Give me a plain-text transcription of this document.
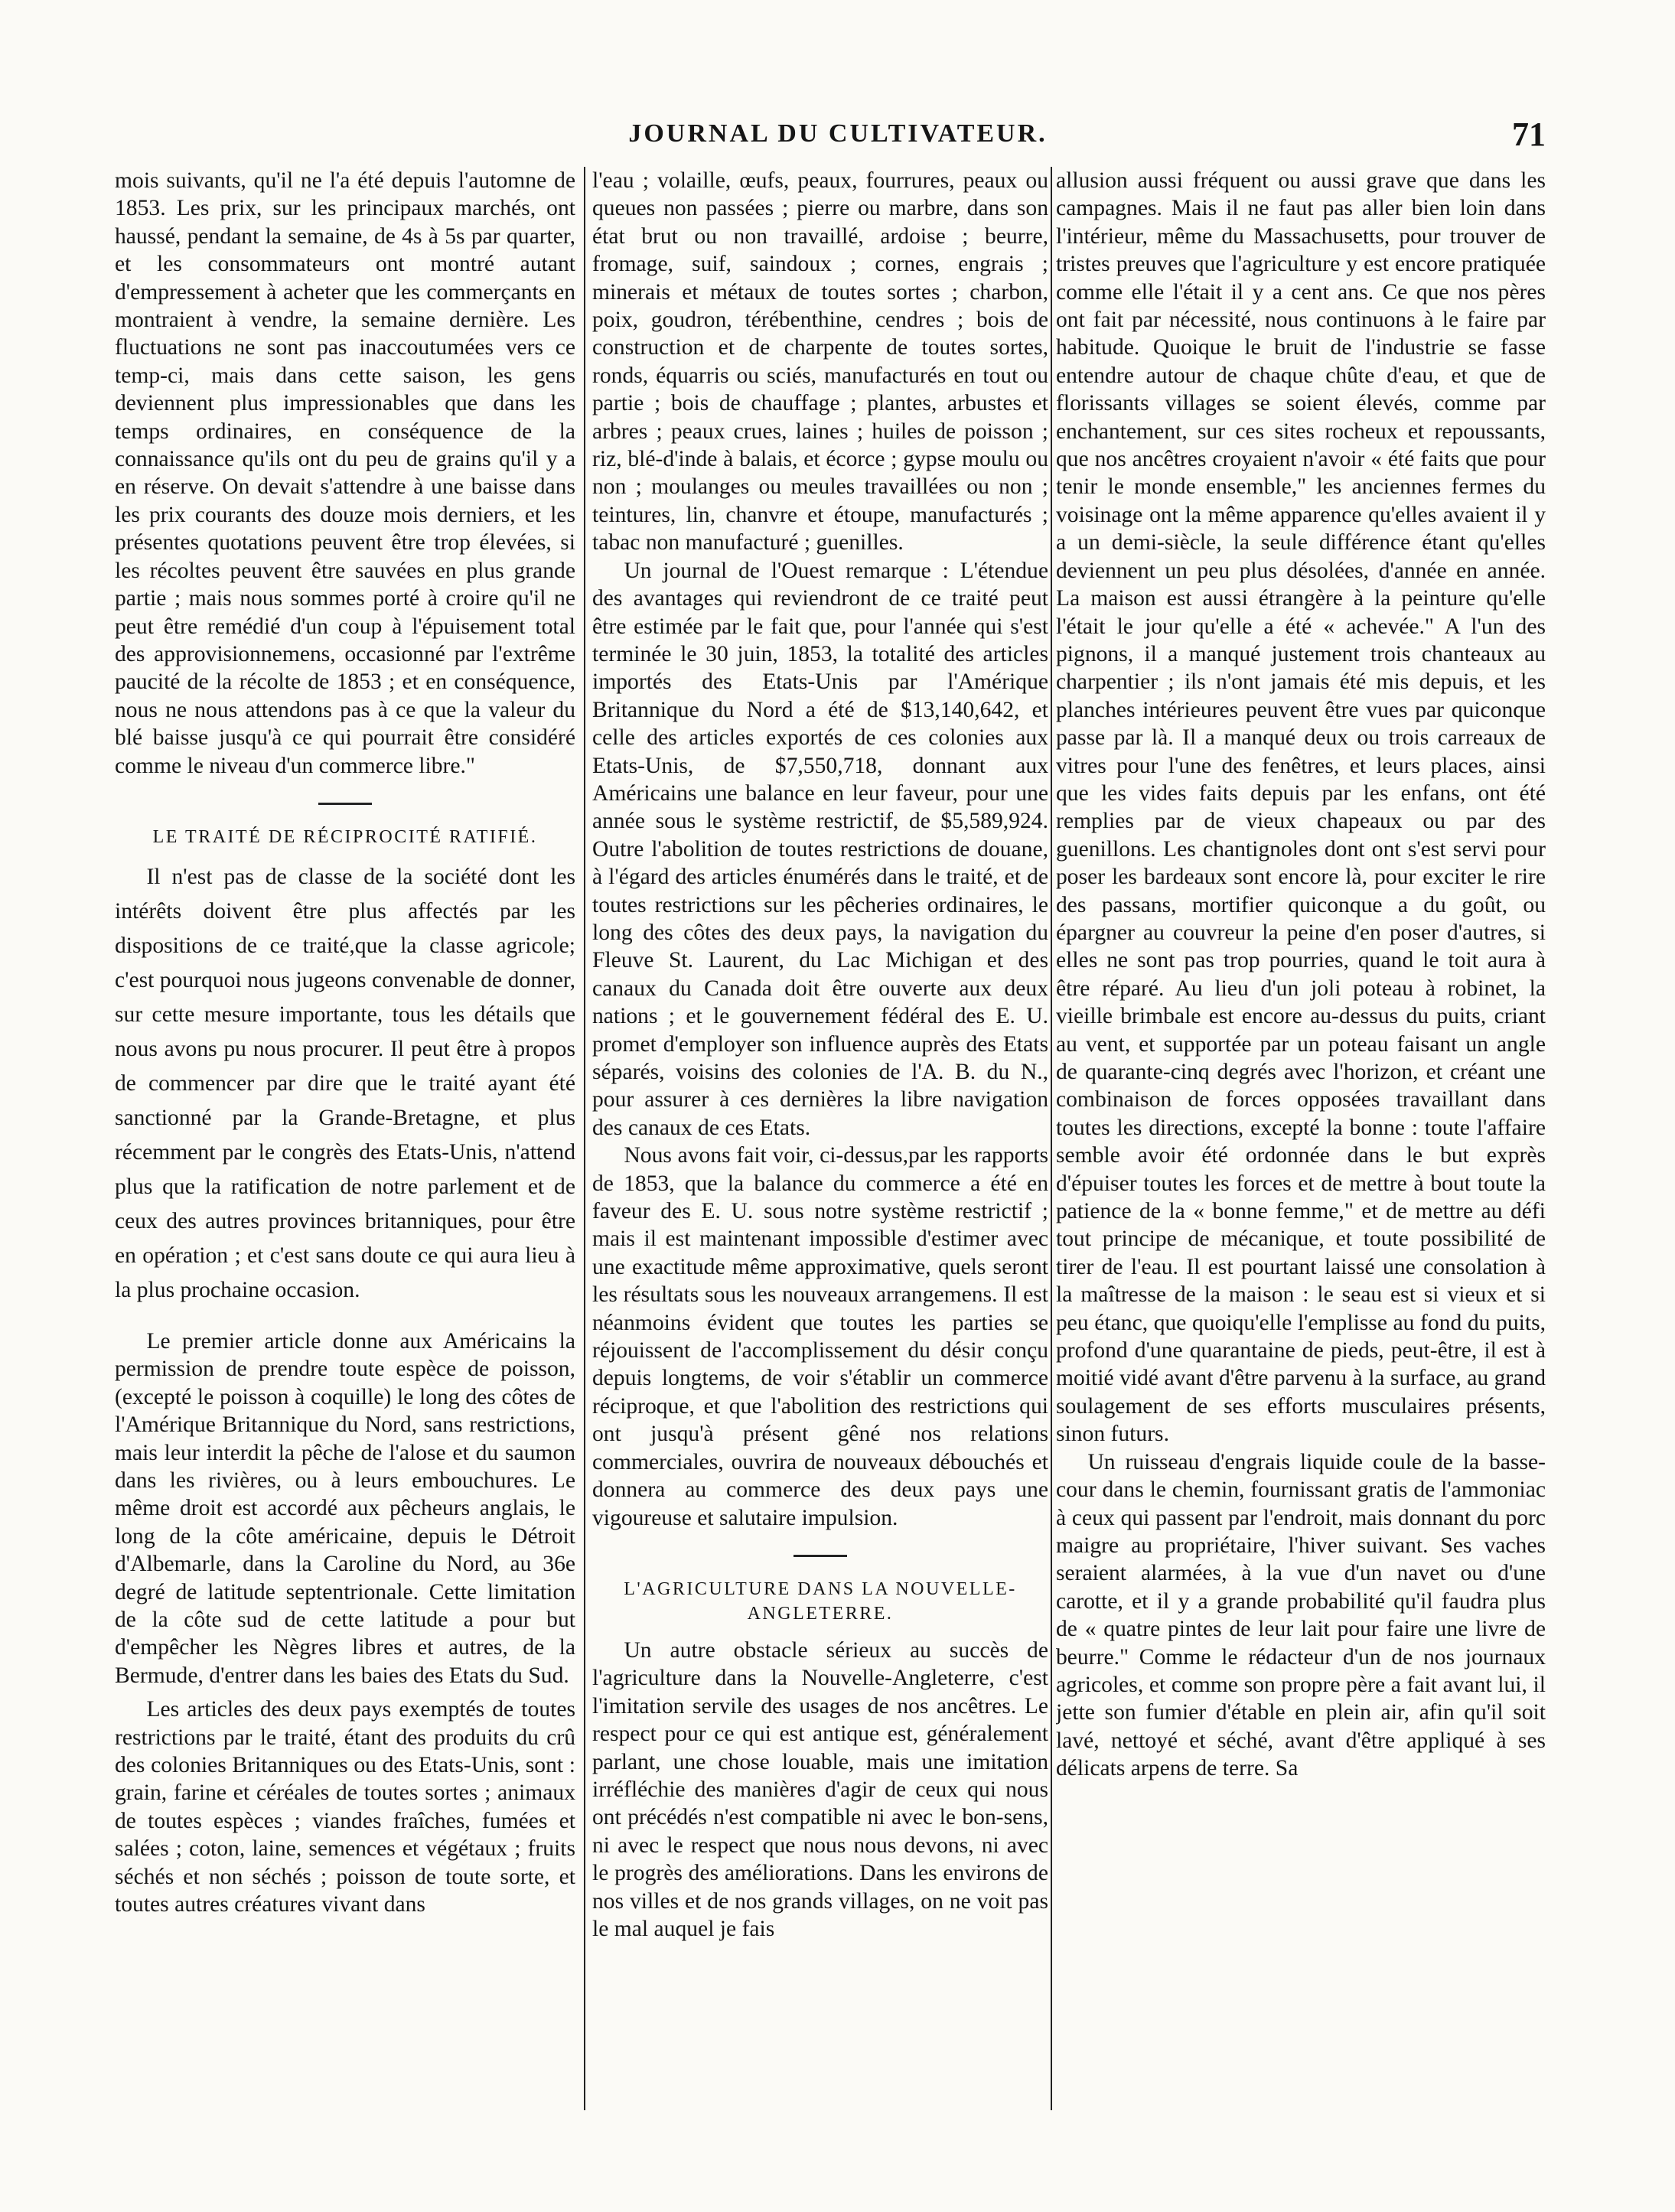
JOURNAL DU CULTIVATEUR.	71

mois suivants, qu'il ne l'a été depuis l'automne de 1853. Les prix, sur les principaux marchés, ont haussé, pendant la semaine, de 4s à 5s par quarter, et les consommateurs ont montré autant d'empressement à acheter que les commerçants en montraient à vendre, la semaine dernière. Les fluctuations ne sont pas inaccoutumées vers ce temp-ci, mais dans cette saison, les gens deviennent plus impressionables que dans les temps ordinaires, en conséquence de la connaissance qu'ils ont du peu de grains qu'il y a en réserve. On devait s'attendre à une baisse dans les prix courants des douze mois derniers, et les présentes quotations peuvent être trop élevées, si les récoltes peuvent être sauvées en plus grande partie ; mais nous sommes porté à croire qu'il ne peut être remédié d'un coup à l'épuisement total des approvisionnemens, occasionné par l'extrême paucité de la récolte de 1853 ; et en conséquence, nous ne nous attendons pas à ce que la valeur du blé baisse jusqu'à ce qui pourrait être considéré comme le niveau d'un commerce libre."

LE TRAITÉ DE RÉCIPROCITÉ RATIFIÉ.

Il n'est pas de classe de la société dont les intérêts doivent être plus affectés par les dispositions de ce traité,que la classe agricole; c'est pourquoi nous jugeons convenable de donner, sur cette mesure importante, tous les détails que nous avons pu nous procurer. Il peut être à propos de commencer par dire que le traité ayant été sanctionné par la Grande-Bretagne, et plus récemment par le congrès des Etats-Unis, n'attend plus que la ratification de notre parlement et de ceux des autres provinces britanniques, pour être en opération ; et c'est sans doute ce qui aura lieu à la plus prochaine occasion.

Le premier article donne aux Américains la permission de prendre toute espèce de poisson, (excepté le poisson à coquille) le long des côtes de l'Amérique Britannique du Nord, sans restrictions, mais leur interdit la pêche de l'alose et du saumon dans les rivières, ou à leurs embouchures. Le même droit est accordé aux pêcheurs anglais, le long de la côte américaine, depuis le Détroit d'Albemarle, dans la Caroline du Nord, au 36e degré de latitude septentrionale. Cette limitation de la côte sud de cette latitude a pour but d'empêcher les Nègres libres et autres, de la Bermude, d'entrer dans les baies des Etats du Sud.

Les articles des deux pays exemptés de toutes restrictions par le traité, étant des produits du crû des colonies Britanniques ou des Etats-Unis, sont : grain, farine et céréales de toutes sortes ; animaux de toutes espèces ; viandes fraîches, fumées et salées ; coton, laine, semences et végétaux ; fruits séchés et non séchés ; poisson de toute sorte, et toutes autres créatures vivant dans

l'eau ; volaille, œufs, peaux, fourrures, peaux ou queues non passées ; pierre ou marbre, dans son état brut ou non travaillé, ardoise ; beurre, fromage, suif, saindoux ; cornes, engrais ; minerais et métaux de toutes sortes ; charbon, poix, goudron, térébenthine, cendres ; bois de construction et de charpente de toutes sortes, ronds, équarris ou sciés, manufacturés en tout ou partie ; bois de chauffage ; plantes, arbustes et arbres ; peaux crues, laines ; huiles de poisson ; riz, blé-d'inde à balais, et écorce ; gypse moulu ou non ; moulanges ou meules travaillées ou non ; teintures, lin, chanvre et étoupe, manufacturés ; tabac non manufacturé ; guenilles.

Un journal de l'Ouest remarque : L'étendue des avantages qui reviendront de ce traité peut être estimée par le fait que, pour l'année qui s'est terminée le 30 juin, 1853, la totalité des articles importés des Etats-Unis par l'Amérique Britannique du Nord a été de $13,140,642, et celle des articles exportés de ces colonies aux Etats-Unis, de $7,550,718, donnant aux Américains une balance en leur faveur, pour une année sous le système restrictif, de $5,589,924. Outre l'abolition de toutes restrictions de douane, à l'égard des articles énumérés dans le traité, et de toutes restrictions sur les pêcheries ordinaires, le long des côtes des deux pays, la navigation du Fleuve St. Laurent, du Lac Michigan et des canaux du Canada doit être ouverte aux deux nations ; et le gouvernement fédéral des E. U. promet d'employer son influence auprès des Etats séparés, voisins des colonies de l'A. B. du N., pour assurer à ces dernières la libre navigation des canaux de ces Etats.

Nous avons fait voir, ci-dessus,par les rapports de 1853, que la balance du commerce a été en faveur des E. U. sous notre système restrictif ; mais il est maintenant impossible d'estimer avec une exactitude même approximative, quels seront les résultats sous les nouveaux arrangemens. Il est néanmoins évident que toutes les parties se réjouissent de l'accomplissement du désir conçu depuis longtems, de voir s'établir un commerce réciproque, et que l'abolition des restrictions qui ont jusqu'à présent gêné nos relations commerciales, ouvrira de nouveaux débouchés et donnera au commerce des deux pays une vigoureuse et salutaire impulsion.

L'AGRICULTURE DANS LA NOUVELLE-ANGLETERRE.

Un autre obstacle sérieux au succès de l'agriculture dans la Nouvelle-Angleterre, c'est l'imitation servile des usages de nos ancêtres. Le respect pour ce qui est antique est, généralement parlant, une chose louable, mais une imitation irréfléchie des manières d'agir de ceux qui nous ont précédés n'est compatible ni avec le bon-sens, ni avec le respect que nous nous devons, ni avec le progrès des améliorations. Dans les environs de nos villes et de nos grands villages, on ne voit pas le mal auquel je fais

allusion aussi fréquent ou aussi grave que dans les campagnes. Mais il ne faut pas aller bien loin dans l'intérieur, même du Massachusetts, pour trouver de tristes preuves que l'agriculture y est encore pratiquée comme elle l'était il y a cent ans. Ce que nos pères ont fait par nécessité, nous continuons à le faire par habitude. Quoique le bruit de l'industrie se fasse entendre autour de chaque chûte d'eau, et que de florissants villages se soient élevés, comme par enchantement, sur ces sites rocheux et repoussants, que nos ancêtres croyaient n'avoir « été faits que pour tenir le monde ensemble," les anciennes fermes du voisinage ont la même apparence qu'elles avaient il y a un demi-siècle, la seule différence étant qu'elles deviennent un peu plus désolées, d'année en année. La maison est aussi étrangère à la peinture qu'elle l'était le jour qu'elle a été « achevée." A l'un des pignons, il a manqué justement trois chanteaux au charpentier ; ils n'ont jamais été mis depuis, et les planches intérieures peuvent être vues par quiconque passe par là. Il a manqué deux ou trois carreaux de vitres pour l'une des fenêtres, et leurs places, ainsi que les vides faits depuis par les enfans, ont été remplies par de vieux chapeaux ou par des guenillons. Les chantignoles dont ont s'est servi pour poser les bardeaux sont encore là, pour exciter le rire des passans, mortifier quiconque a du goût, ou épargner au couvreur la peine d'en poser d'autres, si elles ne sont pas trop pourries, quand le toit aura à être réparé. Au lieu d'un joli poteau à robinet, la vieille brimbale est encore au-dessus du puits, criant au vent, et supportée par un poteau faisant un angle de quarante-cinq degrés avec l'horizon, et créant une combinaison de forces opposées travaillant dans toutes les directions, excepté la bonne : toute l'affaire semble avoir été ordonnée dans le but exprès d'épuiser toutes les forces et de mettre à bout toute la patience de la « bonne femme," et de mettre au défi tout principe de mécanique, et toute possibilité de tirer de l'eau. Il est pourtant laissé une consolation à la maîtresse de la maison : le seau est si vieux et si peu étanc, que quoiqu'elle l'emplisse au fond du puits, profond d'une quarantaine de pieds, peut-être, il est à moitié vidé avant d'être parvenu à la surface, au grand soulagement de ses efforts musculaires présents, sinon futurs.

Un ruisseau d'engrais liquide coule de la basse-cour dans le chemin, fournissant gratis de l'ammoniac à ceux qui passent par l'endroit, mais donnant du porc maigre au propriétaire, l'hiver suivant. Ses vaches seraient alarmées, à la vue d'un navet ou d'une carotte, et il y a grande probabilité qu'il faudra plus de « quatre pintes de leur lait pour faire une livre de beurre." Comme le rédacteur d'un de nos journaux agricoles, et comme son propre père a fait avant lui, il jette son fumier d'étable en plein air, afin qu'il soit lavé, nettoyé et séché, avant d'être appliqué à ses délicats arpens de terre. Sa
